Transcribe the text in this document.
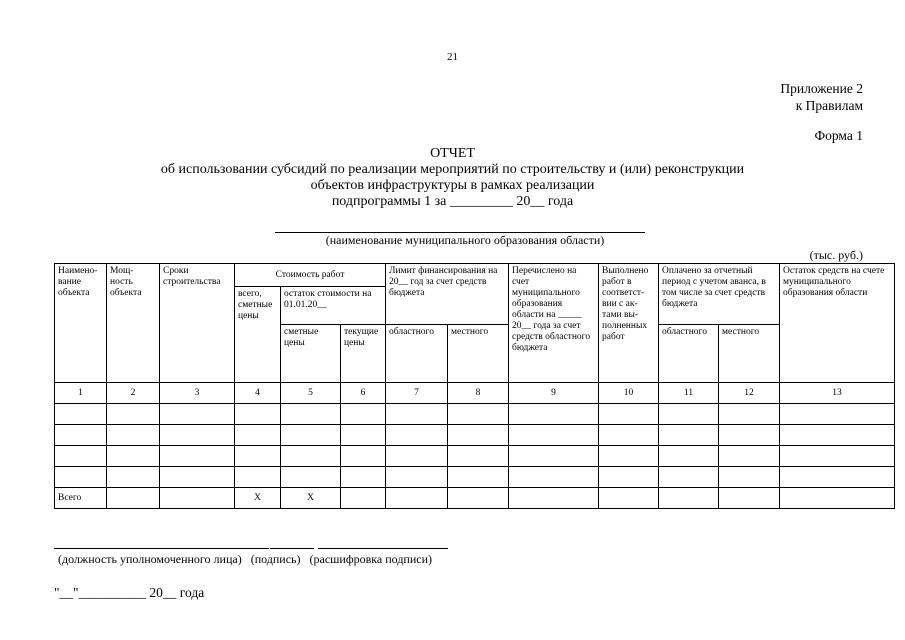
21
Приложение 2
к Правилам
Форма 1
ОТЧЕТ
об использовании субсидий по реализации мероприятий по строительству и (или) реконструкции
объектов инфраструктуры в рамках реализации
подпрограммы 1 за _________ 20__ года
(наименование муниципального образования области)
(тыс. руб.)
Наимено-вание объекта	Мощ-ность объекта	Сроки строительства	Стоимость работ			Лимит финансирования на 20__ год за счет средств бюджета		Перечислено на счет муниципального образования области на _____ 20__ года за счет средств областного бюджета	Выполнено работ в соответст-вии с ак-тами вы-полненных работ	Оплачено за отчетный период с учетом аванса, в том числе за счет средств бюджета		Остаток средств на счете муниципального образования области
			всего, сметные цены	остаток стоимости на 01.01.20__								
				сметные цены	текущие цены	областного	местного			областного	местного	
1	2	3	4	5	6	7	8	9	10	11	12	13

Всего			Х	Х								
(должность уполномоченного лица)   (подпись)   (расшифровка подписи)
"__"__________ 20__ года
